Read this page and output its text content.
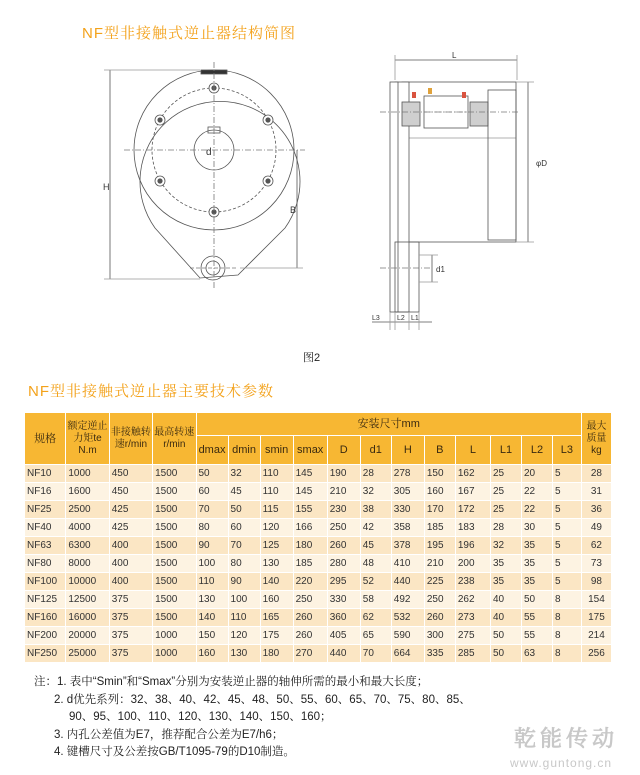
NF型非接触式逆止器结构简图
H
B
d
L
φD
d1
L3 L2 L1
图2
NF型非接触式逆止器主要技术参数
规格	额定逆止力矩te N.m	非接触转速r/min	最高转速r/min	安装尺寸mm												最大质量kg
				dmax	dmin	smin	smax	D	d1	H	B	L	L1	L2	L3	
NF10	1000	450	1500	50	32	110	145	190	28	278	150	162	25	20	5	28
NF16	1600	450	1500	60	45	110	145	210	32	305	160	167	25	22	5	31
NF25	2500	425	1500	70	50	115	155	230	38	330	170	172	25	22	5	36
NF40	4000	425	1500	80	60	120	166	250	42	358	185	183	28	30	5	49
NF63	6300	400	1500	90	70	125	180	260	45	378	195	196	32	35	5	62
NF80	8000	400	1500	100	80	130	185	280	48	410	210	200	35	35	5	73
NF100	10000	400	1500	110	90	140	220	295	52	440	225	238	35	35	5	98
NF125	12500	375	1500	130	100	160	250	330	58	492	250	262	40	50	8	154
NF160	16000	375	1500	140	110	165	260	360	62	532	260	273	40	55	8	175
NF200	20000	375	1000	150	120	175	260	405	65	590	300	275	50	55	8	214
NF250	25000	375	1000	160	130	180	270	440	70	664	335	285	50	63	8	256
注：1. 表中“Smin”和“Smax”分别为安装逆止器的轴伸所需的最小和最大长度；
2. d优先系列：32、38、40、42、45、48、50、55、60、65、70、75、80、85、
90、95、100、110、120、130、140、150、160；
3. 内孔公差值为E7，推荐配合公差为E7/h6；
4. 键槽尺寸及公差按GB/T1095-79的D10制造。	乾能传动
www.guntong.cn
